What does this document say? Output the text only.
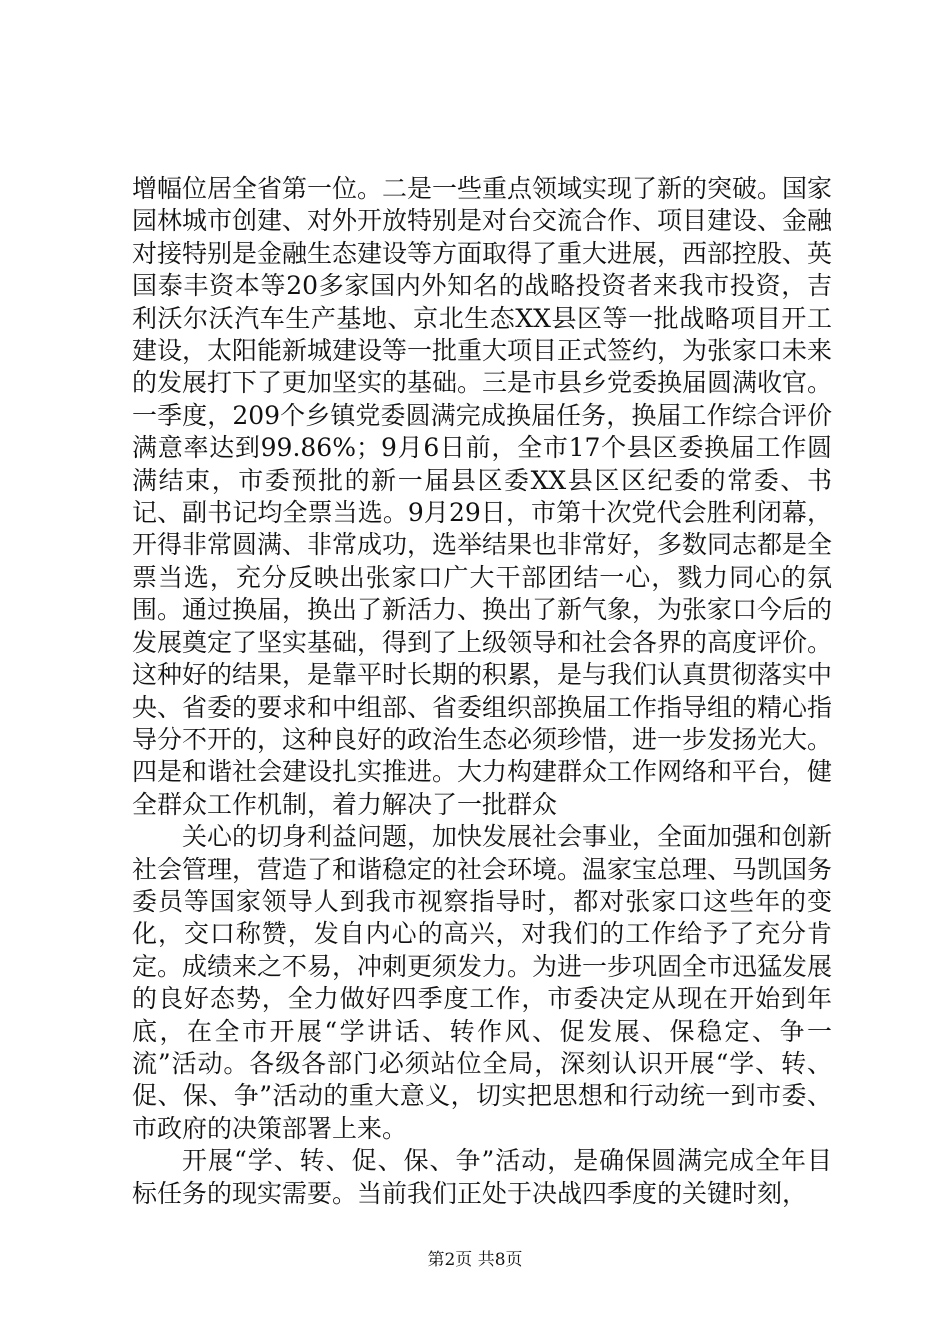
增幅位居全省第一位。二是一些重点领域实现了新的突破。国家园林城市创建、对外开放特别是对台交流合作、项目建设、金融对接特别是金融生态建设等方面取得了重大进展，西部控股、英国泰丰资本等20多家国内外知名的战略投资者来我市投资，吉利沃尔沃汽车生产基地、京北生态XX县区等一批战略项目开工建设，太阳能新城建设等一批重大项目正式签约，为张家口未来的发展打下了更加坚实的基础。三是市县乡党委换届圆满收官。一季度，209个乡镇党委圆满完成换届任务，换届工作综合评价满意率达到99.86%；9月6日前，全市17个县区委换届工作圆满结束，市委预批的新一届县区委XX县区区纪委的常委、书记、副书记均全票当选。9月29日，市第十次党代会胜利闭幕，开得非常圆满、非常成功，选举结果也非常好，多数同志都是全票当选，充分反映出张家口广大干部团结一心，戮力同心的氛围。通过换届，换出了新活力、换出了新气象，为张家口今后的发展奠定了坚实基础，得到了上级领导和社会各界的高度评价。这种好的结果，是靠平时长期的积累，是与我们认真贯彻落实中央、省委的要求和中组部、省委组织部换届工作指导组的精心指导分不开的，这种良好的政治生态必须珍惜，进一步发扬光大。四是和谐社会建设扎实推进。大力构建群众工作网络和平台，健全群众工作机制，着力解决了一批群众

关心的切身利益问题，加快发展社会事业，全面加强和创新社会管理，营造了和谐稳定的社会环境。温家宝总理、马凯国务委员等国家领导人到我市视察指导时，都对张家口这些年的变化，交口称赞，发自内心的高兴，对我们的工作给予了充分肯定。成绩来之不易，冲刺更须发力。为进一步巩固全市迅猛发展的良好态势，全力做好四季度工作，市委决定从现在开始到年底，在全市开展“学讲话、转作风、促发展、保稳定、争一流”活动。各级各部门必须站位全局，深刻认识开展“学、转、促、保、争”活动的重大意义，切实把思想和行动统一到市委、市政府的决策部署上来。

开展“学、转、促、保、争”活动，是确保圆满完成全年目标任务的现实需要。当前我们正处于决战四季度的关键时刻，

第2页 共8页
